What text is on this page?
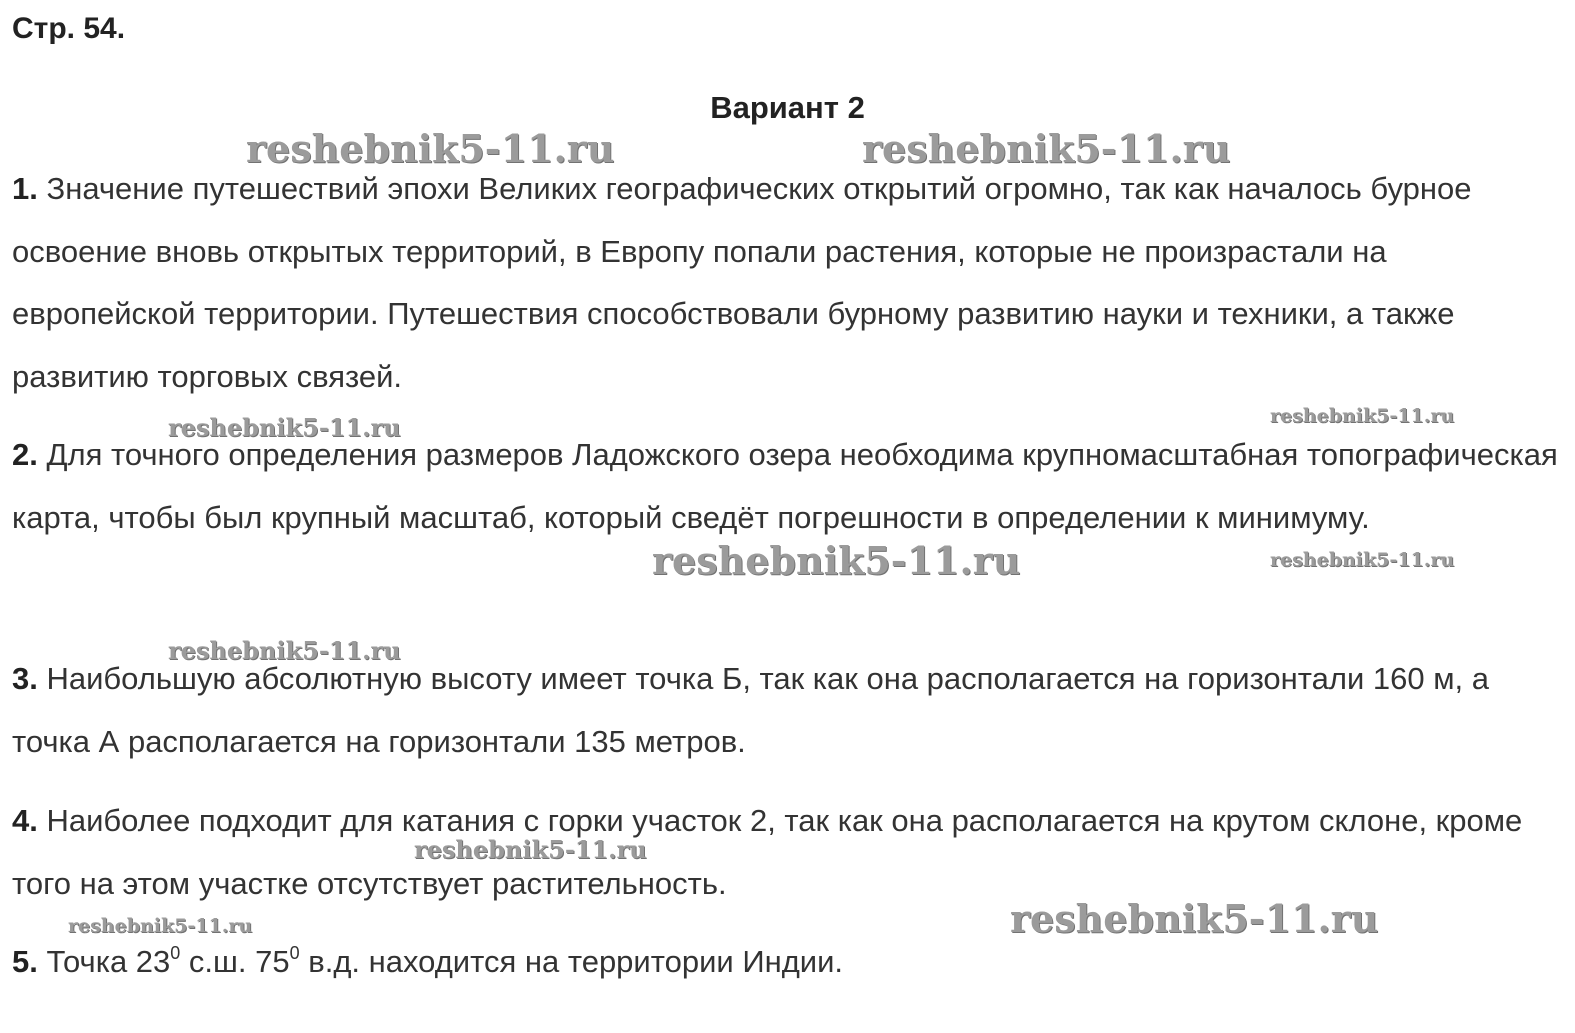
Стр. 54.
Вариант 2
reshebnik5-11.ru	reshebnik5-11.ru
reshebnik5-11.ru	reshebnik5-11.ru
reshebnik5-11.ru	reshebnik5-11.ru
reshebnik5-11.ru
reshebnik5-11.ru
reshebnik5-11.ru	reshebnik5-11.ru
1. Значение путешествий эпохи Великих географических открытий огромно, так как началось бурное освоение вновь открытых территорий, в Европу попали растения, которые не произрастали на европейской территории. Путешествия способствовали бурному развитию науки и техники, а также развитию торговых связей.
2. Для точного определения размеров Ладожского озера необходима крупномасштабная топографическая карта, чтобы был крупный масштаб, который сведёт погрешности в определении к минимуму.
3. Наибольшую абсолютную высоту имеет точка Б, так как она располагается на горизонтали 160 м, а точка А располагается на горизонтали 135 метров.
4. Наиболее подходит для катания с горки участок 2, так как она располагается на крутом склоне, кроме того на этом участке отсутствует растительность.
5. Точка $23^0$ с.ш. $75^0$ в.д. находится на территории Индии.
